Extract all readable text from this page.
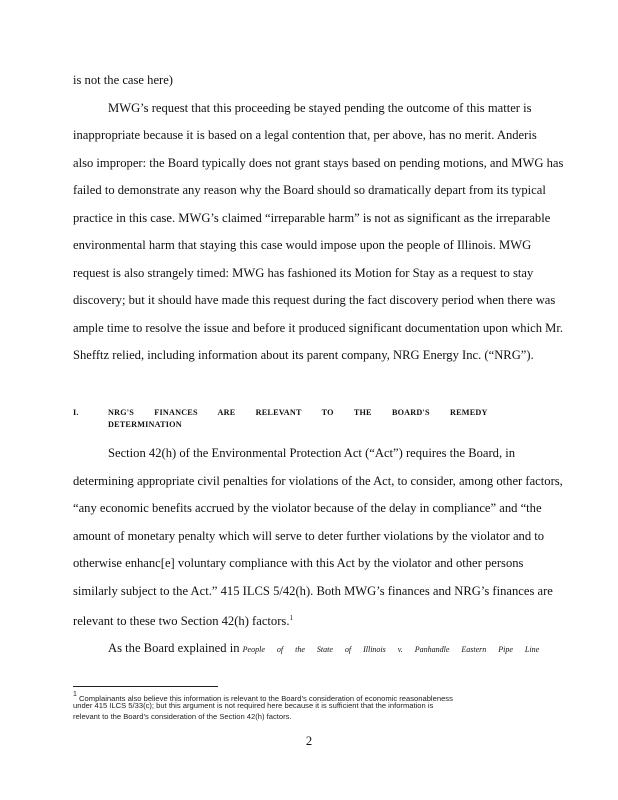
is not the case here)
MWG’s request that this proceeding be stayed pending the outcome of this matter is
inappropriate because it is based on a legal contention that, per above, has no merit. Anderis
also improper: the Board typically does not grant stays based on pending motions, and MWG has
failed to demonstrate any reason why the Board should so dramatically depart from its typical
practice in this case. MWG’s claimed “irreparable harm” is not as significant as the irreparable
environmental harm that staying this case would impose upon the people of Illinois. MWG
request is also strangely timed: MWG has fashioned its Motion for Stay as a request to stay
discovery; but it should have made this request during the fact discovery period when there was
ample time to resolve the issue and before it produced significant documentation upon which Mr.
Shefftz relied, including information about its parent company, NRG Energy Inc. (“NRG”).
I.	NRG'S FINANCES ARE RELEVANT TO THE BOARD'S REMEDY DETERMINATION
Section 42(h) of the Environmental Protection Act (“Act”) requires the Board, in
determining appropriate civil penalties for violations of the Act, to consider, among other factors,
“any economic benefits accrued by the violator because of the delay in compliance” and “the
amount of monetary penalty which will serve to deter further violations by the violator and to
otherwise enhanc[e] voluntary compliance with this Act by the violator and other persons
similarly subject to the Act.” 415 ILCS 5/42(h). Both MWG’s finances and NRG’s finances are
relevant to these two Section 42(h) factors.$^1$
As the Board explained in People of the State of Illinois v. Panhandle Eastern Pipe Line
$^1$ Complainants also believe this information is relevant to the Board’s consideration of economic reasonableness
under 415 ILCS 5/33(c); but this argument is not required here because it is sufficient that the information is
relevant to the Board’s consideration of the Section 42(h) factors.
2
